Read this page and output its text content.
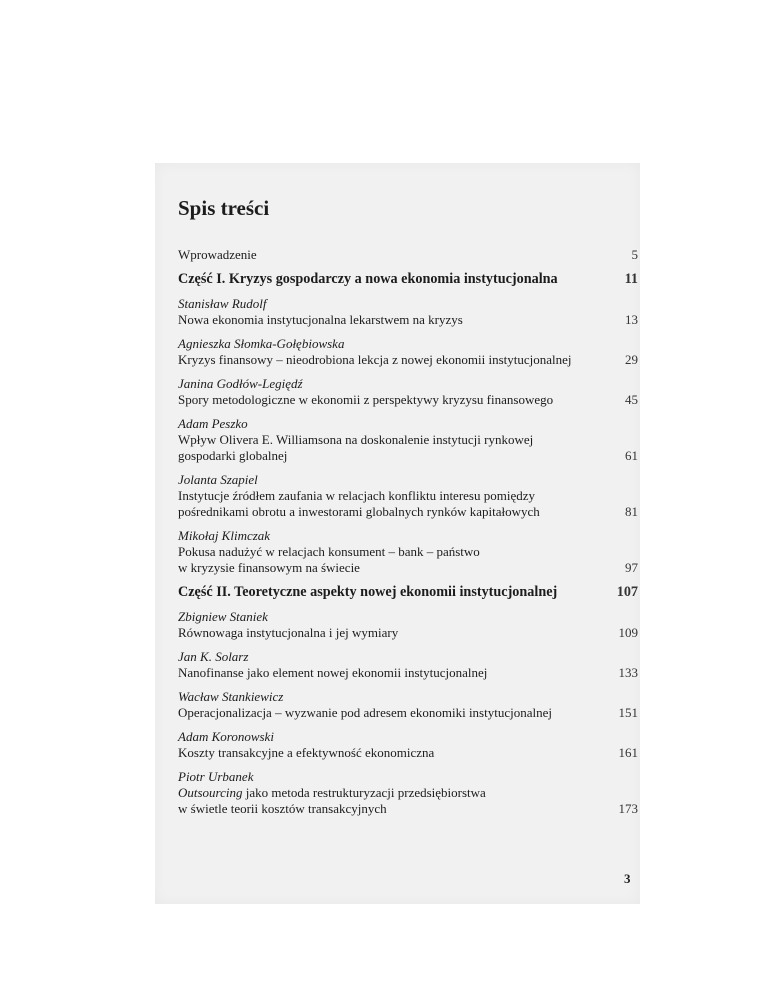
Spis treści
Wprowadzenie	5
Część I. Kryzys gospodarczy a nowa ekonomia instytucjonalna	11
Stanisław Rudolf
Nowa ekonomia instytucjonalna lekarstwem na kryzys	13
Agnieszka Słomka-Gołębiowska
Kryzys finansowy – nieodrobiona lekcja z nowej ekonomii instytucjonalnej	29
Janina Godłów-Legiędź
Spory metodologiczne w ekonomii z perspektywy kryzysu finansowego	45
Adam Peszko
Wpływ Olivera E. Williamsona na doskonalenie instytucji rynkowej
gospodarki globalnej	61
Jolanta Szapiel
Instytucje źródłem zaufania w relacjach konfliktu interesu pomiędzy
pośrednikami obrotu a inwestorami globalnych rynków kapitałowych	81
Mikołaj Klimczak
Pokusa nadużyć w relacjach konsument – bank – państwo
w kryzysie finansowym na świecie	97
Część II. Teoretyczne aspekty nowej ekonomii instytucjonalnej	107
Zbigniew Staniek
Równowaga instytucjonalna i jej wymiary	109
Jan K. Solarz
Nanofinanse jako element nowej ekonomii instytucjonalnej	133
Wacław Stankiewicz
Operacjonalizacja – wyzwanie pod adresem ekonomiki instytucjonalnej	151
Adam Koronowski
Koszty transakcyjne a efektywność ekonomiczna	161
Piotr Urbanek
Outsourcing jako metoda restrukturyzacji przedsiębiorstwa
w świetle teorii kosztów transakcyjnych	173
3
